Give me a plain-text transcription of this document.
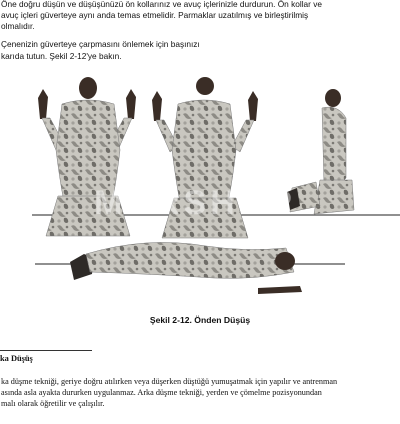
Öne doğru düşün ve düşüşünüzü ön kollarınız ve avuç içlerinizle durdurun. Ön kollar ve
avuç içleri güverteye aynı anda temas etmelidir. Parmaklar uzatılmış ve birleştirilmiş
olmalıdır.
Çenenizin güverteye çarpmasını önlemek için başınızı
karıda tutun. Şekil 2-12'ye bakın.
MARSHOP
Şekil 2-12. Önden Düşüş
ka Düşüş
ka düşme tekniği, geriye doğru atılırken veya düşerken düştüğü yumuşatmak için yapılır ve antrenman
asında asla ayakta dururken uygulanmaz. Arka düşme tekniği, yerden ve çömelme pozisyonundan
malı olarak öğretilir ve çalışılır.
